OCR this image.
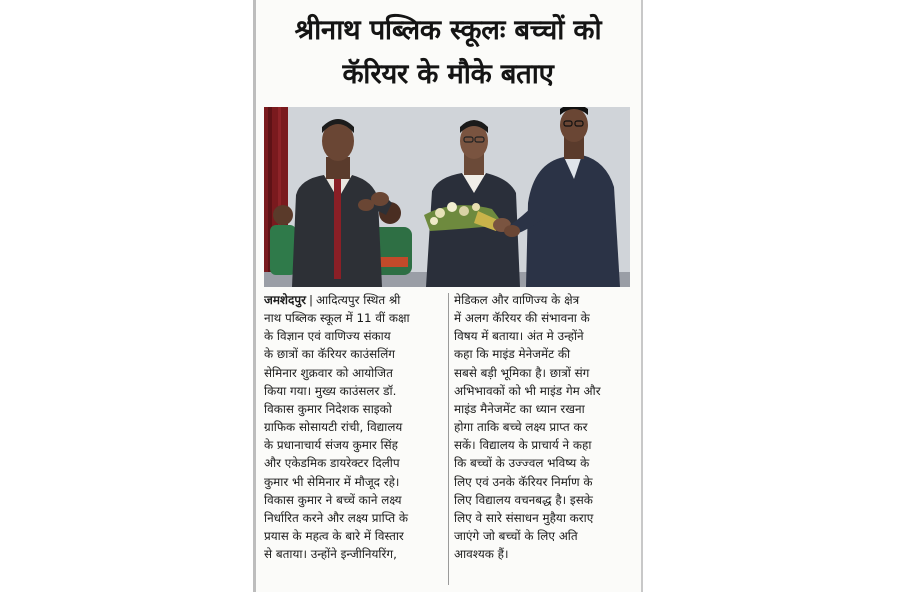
श्रीनाथ पब्लिक स्कूलः बच्चों को कॅरियर के मौके बताए
जमशेदपुर | आदित्यपुर स्थित श्री
नाथ पब्लिक स्कूल में 11 वीं कक्षा
के विज्ञान एवं वाणिज्य संकाय
के छात्रों का कॅरियर काउंसलिंग
सेमिनार शुक्रवार को आयोजित
किया गया। मुख्य काउंसलर डॉ.
विकास कुमार निदेशक साइको
ग्राफिक सोसायटी रांची, विद्यालय
के प्रधानाचार्य संजय कुमार सिंह
और एकेडमिक डायरेक्टर दिलीप
कुमार भी सेमिनार में मौजूद रहे।
विकास कुमार ने बच्चें काने लक्ष्य
निर्धारित करने और लक्ष्य प्राप्ति के
प्रयास के महत्व के बारे में विस्तार
से बताया। उन्होंने इन्जीनियरिंग,
मेडिकल और वाणिज्य के क्षेत्र
में अलग कॅरियर की संभावना के
विषय में बताया। अंत मे उन्होंने
कहा कि माइंड मेनेजमेंट की
सबसे बड़ी भूमिका है। छात्रों संग
अभिभावकों को भी माइंड गेम और
माइंड मैनेजमेंट का ध्यान रखना
होगा ताकि बच्चे लक्ष्य प्राप्त कर
सकें। विद्यालय के प्राचार्य ने कहा
कि बच्चों के उज्ज्वल भविष्य के
लिए एवं उनके कॅरियर निर्माण के
लिए विद्यालय वचनबद्ध है। इसके
लिए वे सारे संसाधन मुहैया कराए
जाएंगे जो बच्चों के लिए अति
आवश्यक हैं।
